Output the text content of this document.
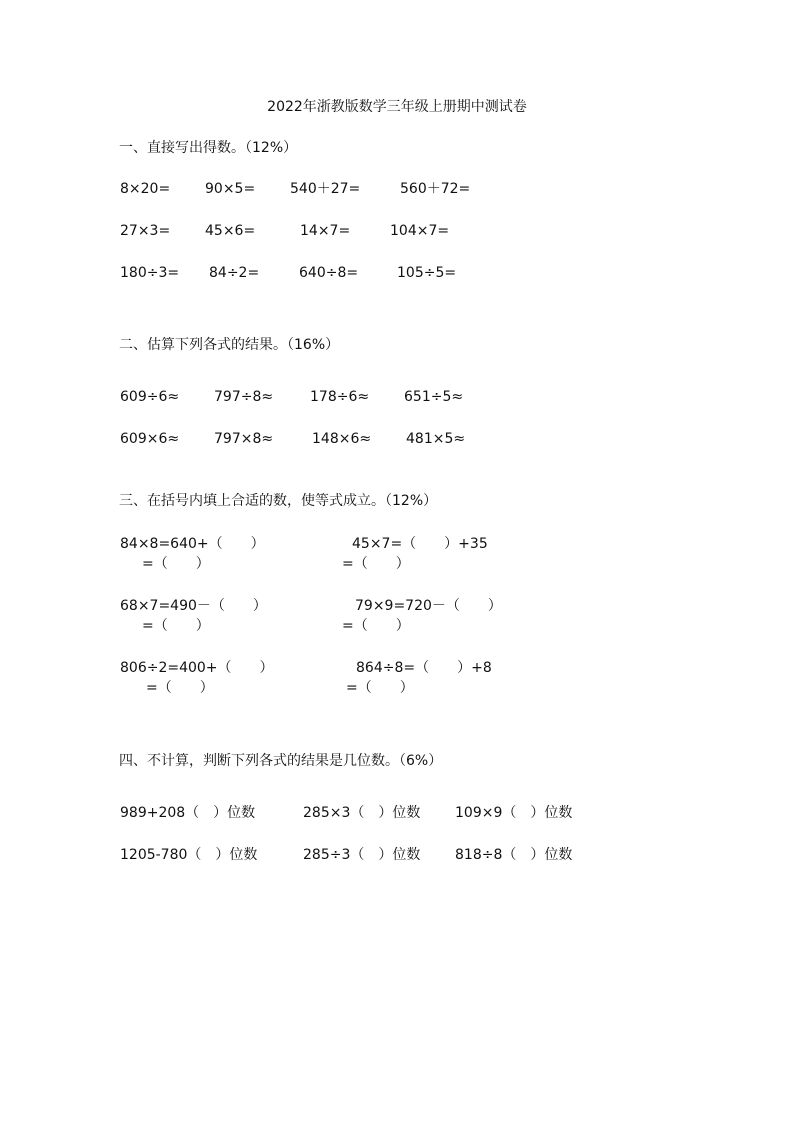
2022年浙教版数学三年级上册期中测试卷
一、直接写出得数。（12%）
8×20= 90×5= 540＋27=	560＋72=
27×3= 45×6=	14×7=	104×7=
180÷3= 84÷2=	640÷8=	105÷5=
二、估算下列各式的结果。（16%）
609÷6≈ 797÷8≈	178÷6≈ 651÷5≈
609×6≈ 797×8≈	148×6≈ 481×5≈
三、在括号内填上合适的数，使等式成立。（12%）
84×8=640+（　　）	45×7=（　　）+35
=（　　）	=（　　）
68×7=490－（　　）	79×9=720－（　　）
=（　　）	=（　　）
806÷2=400+（　　）	864÷8=（　　）+8
=（　　）	=（　　）
四、不计算，判断下列各式的结果是几位数。（6%）
989+208（　）位数	285×3（　）位数 109×9（　）位数
1205-780（　）位数	285÷3（　）位数 818÷8（　）位数
